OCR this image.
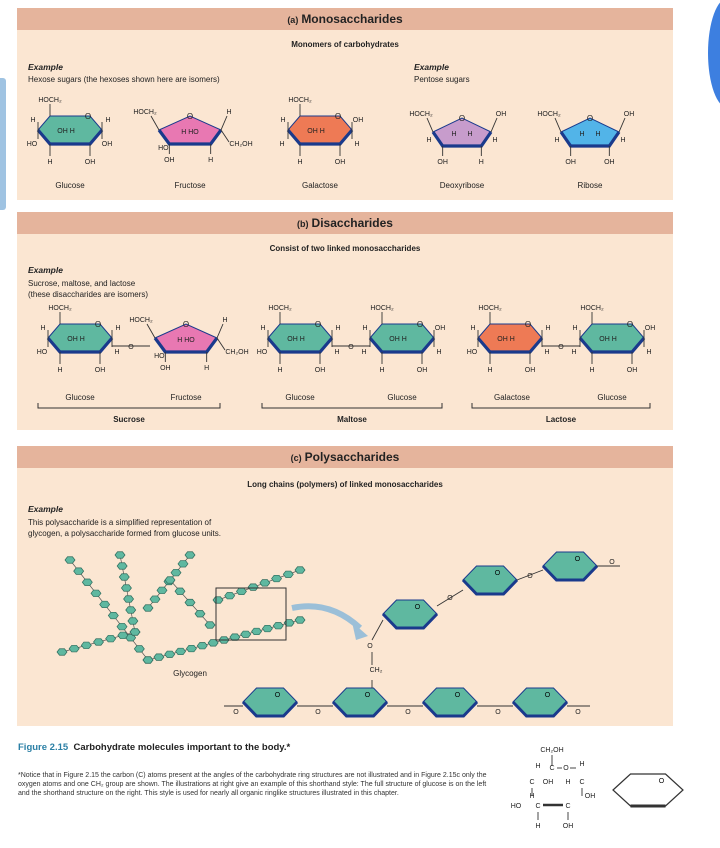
(a) Monosaccharides
(b) Disaccharides
(c) Polysaccharides
Monomers of carbohydrates
Consist of two linked monosaccharides
Long chains (polymers) of linked monosaccharides
Example
Hexose sugars (the hexoses shown here are isomers)
Example
Pentose sugars
Example
Sucrose, maltose, and lactose
(these disaccharides are isomers)
Example
This polysaccharide is a simplified representation of
glycogen, a polysaccharide formed from glucose units.
O
HOCH₂
H	H
HO	OH
H	OH
OH H
O
HOCH₂	H
CH₂OH
H HO
HO
OH	H
O
HOCH₂
H	OH
H	H
H	OH
OH H
O
HOCH₂	OH
H	H
H H
OH	H
O
HOCH₂	OH
H	H
H H
OH	OH
Glucose	Fructose	Galactose	Deoxyribose	Ribose
O
HOCH₂
H	H
HO	H
H	OH
OH H
O
HOCH₂	H
CH₂OH
H HO
HO
OH	H
O
O
HOCH₂
H	H
HO	H
H	OH
OH H
O
HOCH₂
H	OH
H	H
H	OH
OH H
O
O
HOCH₂
H	H
HO	H
H	OH
OH H
O
HOCH₂
H	OH
H	H
H	OH
OH H
O
Glucose	Fructose	Glucose	Glucose	Galactose	Glucose
Sucrose	Maltose	Lactose
Glycogen
O
O
O
O
O
O
O
CH₂
O	O	O	O
O	O	O	O	O
CH₂OH
H C O
H
C OH H C
H	OH
HO C	C
H	OH
O
Figure 2.15 Carbohydrate molecules important to the body.*
*Notice that in Figure 2.15 the carbon (C) atoms present at the angles of the carbohydrate ring structures are not illustrated and in Figure 2.15c only the oxygen atoms and one CH₂ group are shown. The illustrations at right give an example of this shorthand style: The full structure of glucose is on the left and the shorthand structure on the right. This style is used for nearly all organic ringlike structures illustrated in this chapter.
